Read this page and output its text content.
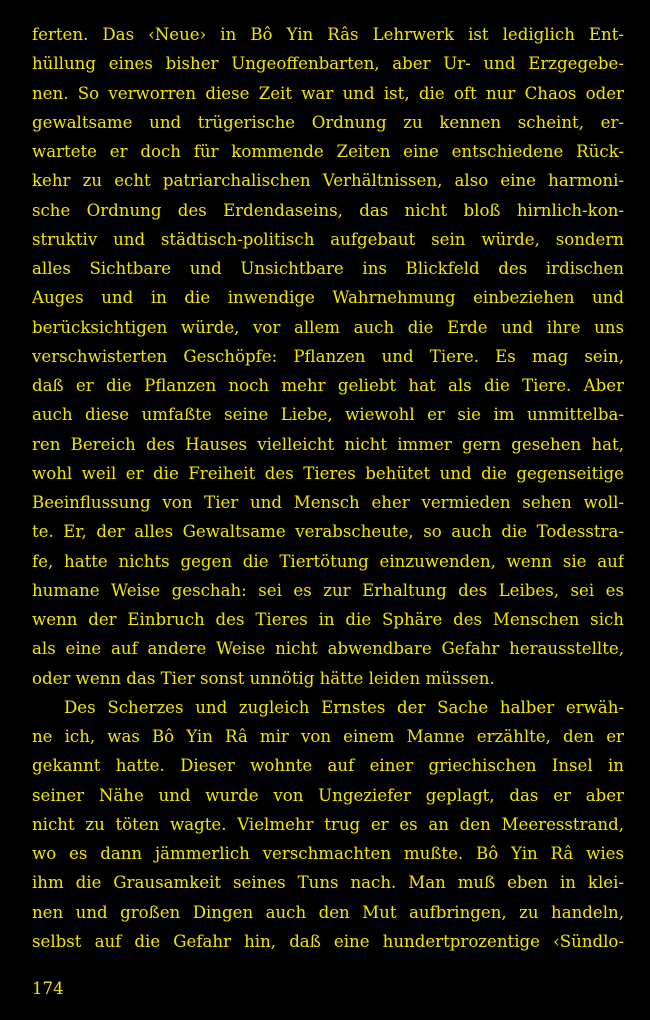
ferten. Das ‹Neue› in Bô Yin Râs Lehrwerk ist lediglich Ent-
hüllung eines bisher Ungeoffenbarten, aber Ur- und Erzgegebe-
nen. So verworren diese Zeit war und ist, die oft nur Chaos oder
gewaltsame und trügerische Ordnung zu kennen scheint, er-
wartete er doch für kommende Zeiten eine entschiedene Rück-
kehr zu echt patriarchalischen Verhältnissen, also eine harmoni-
sche Ordnung des Erdendaseins, das nicht bloß hirnlich-kon-
struktiv und städtisch-politisch aufgebaut sein würde, sondern
alles Sichtbare und Unsichtbare ins Blickfeld des irdischen
Auges und in die inwendige Wahrnehmung einbeziehen und
berücksichtigen würde, vor allem auch die Erde und ihre uns
verschwisterten Geschöpfe: Pflanzen und Tiere. Es mag sein,
daß er die Pflanzen noch mehr geliebt hat als die Tiere. Aber
auch diese umfaßte seine Liebe, wiewohl er sie im unmittelba-
ren Bereich des Hauses vielleicht nicht immer gern gesehen hat,
wohl weil er die Freiheit des Tieres behütet und die gegenseitige
Beeinflussung von Tier und Mensch eher vermieden sehen woll-
te. Er, der alles Gewaltsame verabscheute, so auch die Todesstra-
fe, hatte nichts gegen die Tiertötung einzuwenden, wenn sie auf
humane Weise geschah: sei es zur Erhaltung des Leibes, sei es
wenn der Einbruch des Tieres in die Sphäre des Menschen sich
als eine auf andere Weise nicht abwendbare Gefahr herausstellte,
oder wenn das Tier sonst unnötig hätte leiden müssen.
Des Scherzes und zugleich Ernstes der Sache halber erwäh-
ne ich, was Bô Yin Râ mir von einem Manne erzählte, den er
gekannt hatte. Dieser wohnte auf einer griechischen Insel in
seiner Nähe und wurde von Ungeziefer geplagt, das er aber
nicht zu töten wagte. Vielmehr trug er es an den Meeresstrand,
wo es dann jämmerlich verschmachten mußte. Bô Yin Râ wies
ihm die Grausamkeit seines Tuns nach. Man muß eben in klei-
nen und großen Dingen auch den Mut aufbringen, zu handeln,
selbst auf die Gefahr hin, daß eine hundertprozentige ‹Sündlo-
174
